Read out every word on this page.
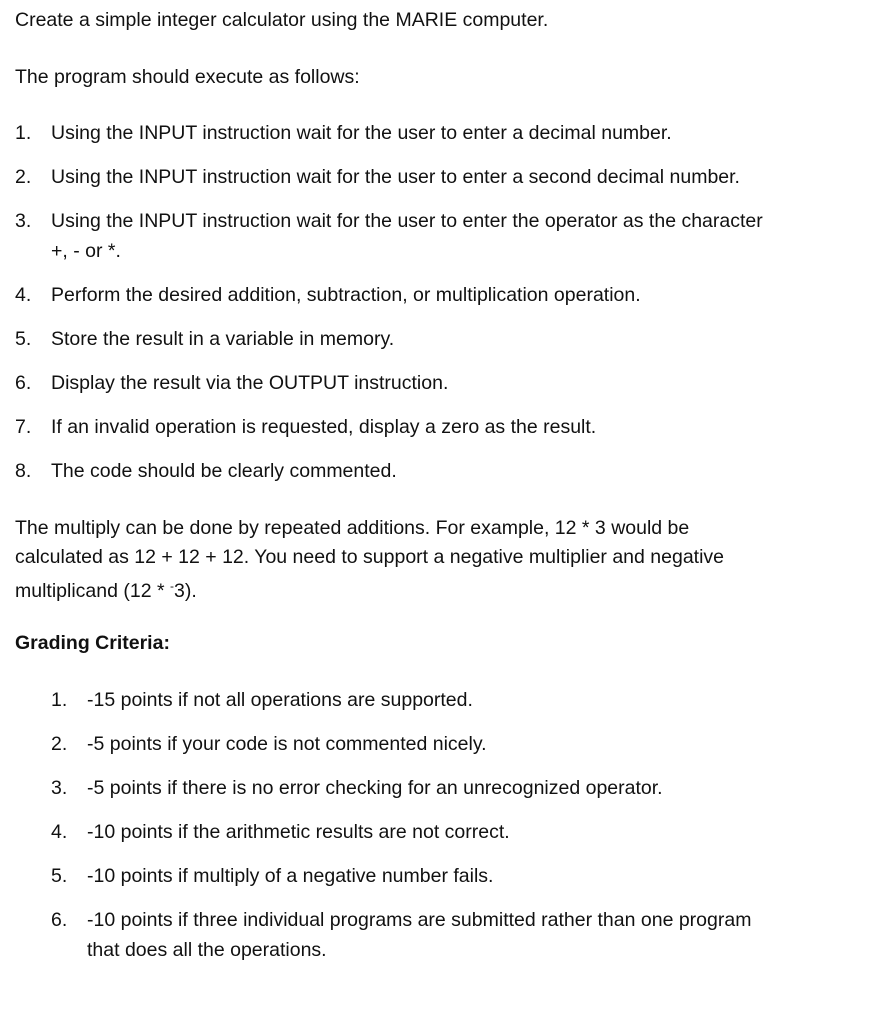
Create a simple integer calculator using the MARIE computer.
The program should execute as follows:
1. Using the INPUT instruction wait for the user to enter a decimal number.
2. Using the INPUT instruction wait for the user to enter a second decimal number.
3. Using the INPUT instruction wait for the user to enter the operator as the character
+, - or *.
4. Perform the desired addition, subtraction, or multiplication operation.
5. Store the result in a variable in memory.
6. Display the result via the OUTPUT instruction.
7. If an invalid operation is requested, display a zero as the result.
8. The code should be clearly commented.
The multiply can be done by repeated additions. For example, 12 * 3 would be
calculated as 12 + 12 + 12. You need to support a negative multiplier and negative
multiplicand (12 * -3).
Grading Criteria:
1. -15 points if not all operations are supported.
2. -5 points if your code is not commented nicely.
3. -5 points if there is no error checking for an unrecognized operator.
4. -10 points if the arithmetic results are not correct.
5. -10 points if multiply of a negative number fails.
6. -10 points if three individual programs are submitted rather than one program
that does all the operations.
